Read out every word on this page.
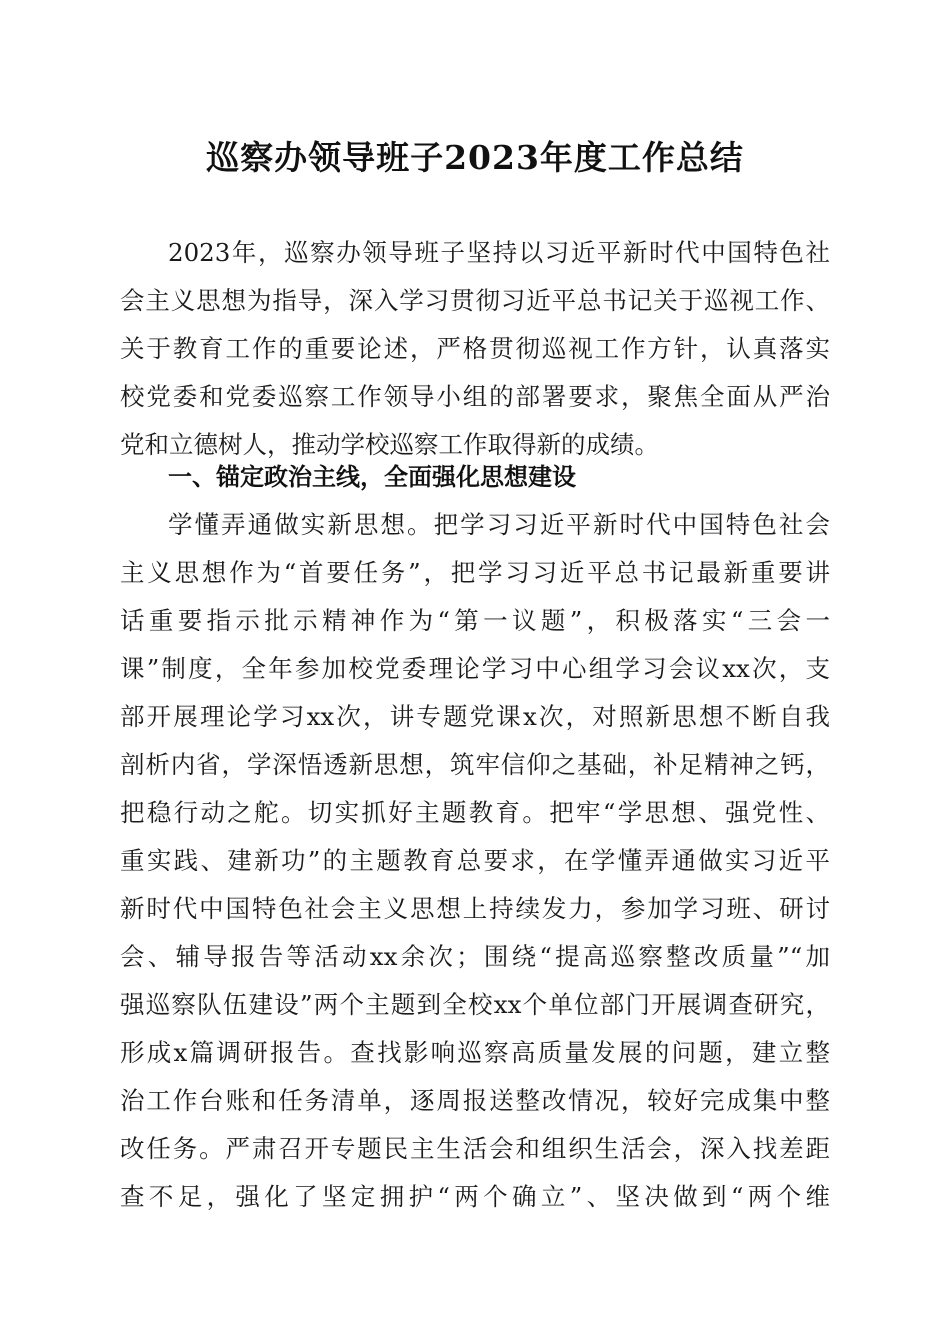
巡察办领导班子2023年度工作总结
2023年，巡察办领导班子坚持以习近平新时代中国特色社
会主义思想为指导，深入学习贯彻习近平总书记关于巡视工作、
关于教育工作的重要论述，严格贯彻巡视工作方针，认真落实
校党委和党委巡察工作领导小组的部署要求，聚焦全面从严治
党和立德树人，推动学校巡察工作取得新的成绩。
一、锚定政治主线，全面强化思想建设
学懂弄通做实新思想。把学习习近平新时代中国特色社会
主义思想作为“首要任务”，把学习习近平总书记最新重要讲
话重要指示批示精神作为“第一议题”，积极落实“三会一
课”制度，全年参加校党委理论学习中心组学习会议xx次，支
部开展理论学习xx次，讲专题党课x次，对照新思想不断自我
剖析内省，学深悟透新思想，筑牢信仰之基础，补足精神之钙，
把稳行动之舵。切实抓好主题教育。把牢“学思想、强党性、
重实践、建新功”的主题教育总要求，在学懂弄通做实习近平
新时代中国特色社会主义思想上持续发力，参加学习班、研讨
会、辅导报告等活动xx余次；围绕“提高巡察整改质量”“加
强巡察队伍建设”两个主题到全校xx个单位部门开展调查研究，
形成x篇调研报告。查找影响巡察高质量发展的问题，建立整
治工作台账和任务清单，逐周报送整改情况，较好完成集中整
改任务。严肃召开专题民主生活会和组织生活会，深入找差距
查不足，强化了坚定拥护“两个确立”、坚决做到“两个维
